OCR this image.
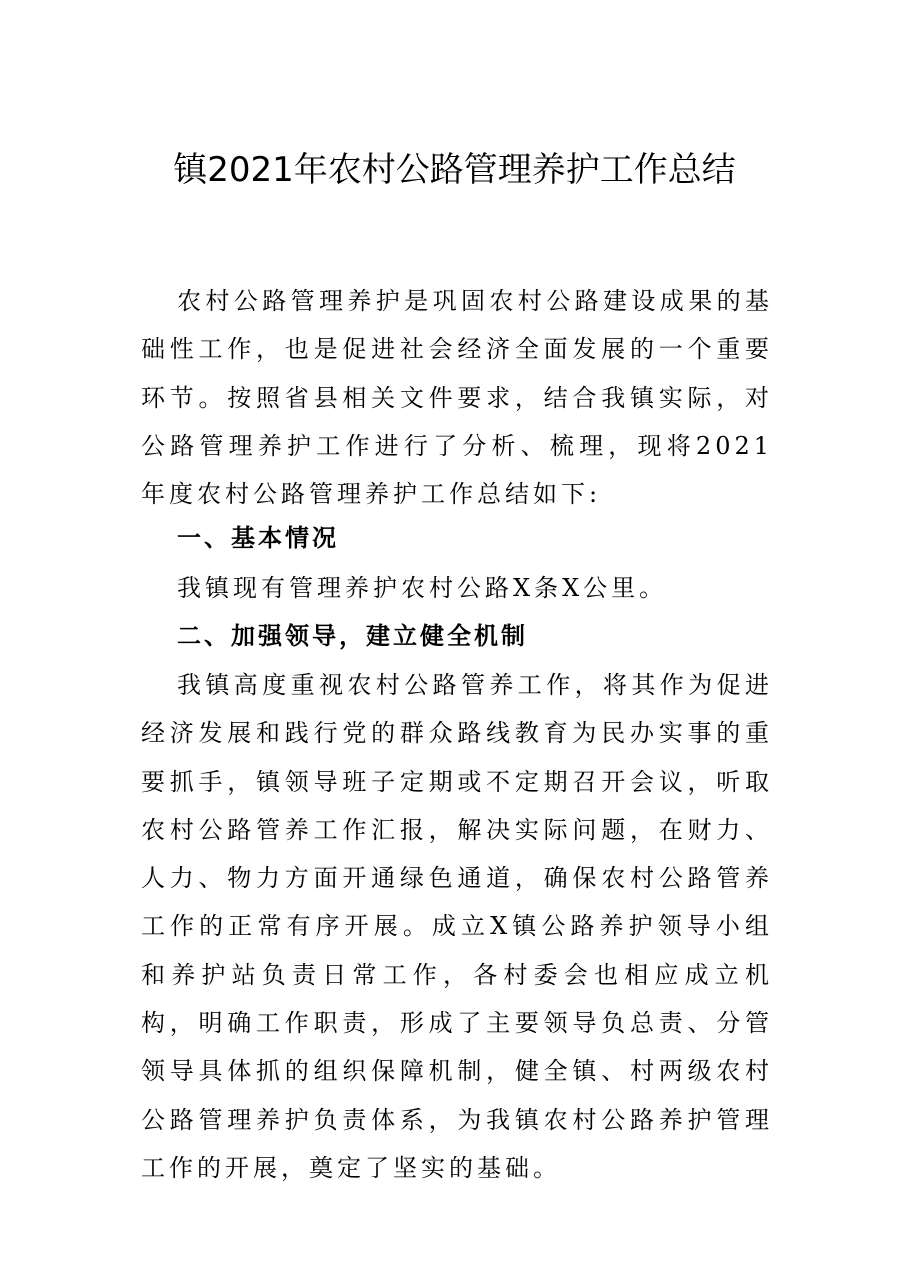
镇2021年农村公路管理养护工作总结

农村公路管理养护是巩固农村公路建设成果的基础性工作，也是促进社会经济全面发展的一个重要环节。按照省县相关文件要求，结合我镇实际，对公路管理养护工作进行了分析、梳理，现将2021年度农村公路管理养护工作总结如下:

一、基本情况

我镇现有管理养护农村公路X条X公里。

二、加强领导，建立健全机制

我镇高度重视农村公路管养工作，将其作为促进经济发展和践行党的群众路线教育为民办实事的重要抓手，镇领导班子定期或不定期召开会议，听取农村公路管养工作汇报，解决实际问题，在财力、人力、物力方面开通绿色通道，确保农村公路管养工作的正常有序开展。成立X镇公路养护领导小组和养护站负责日常工作，各村委会也相应成立机构，明确工作职责，形成了主要领导负总责、分管领导具体抓的组织保障机制，健全镇、村两级农村公路管理养护负责体系，为我镇农村公路养护管理工作的开展，奠定了坚实的基础。
